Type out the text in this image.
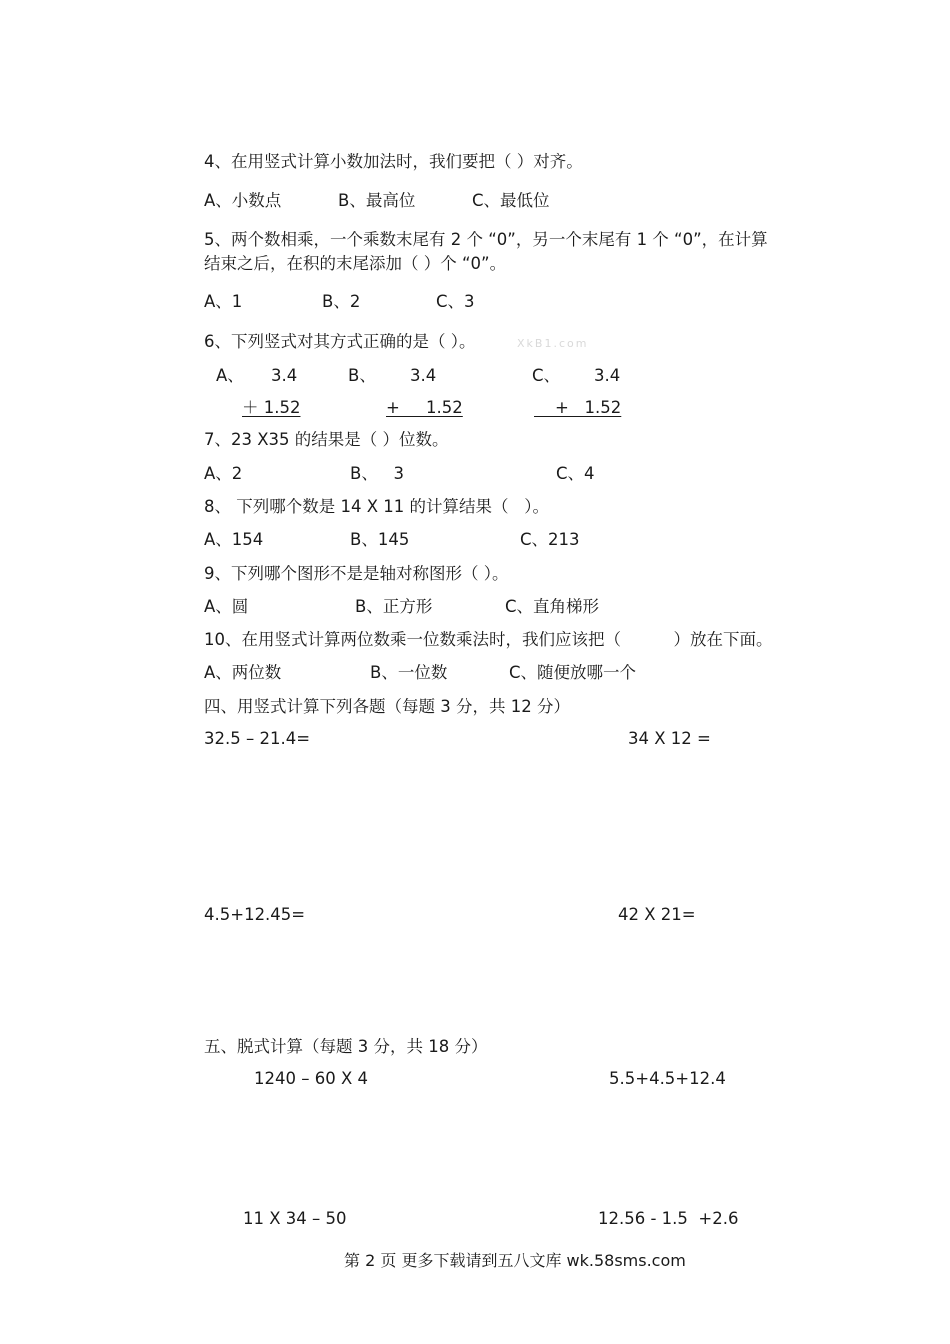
4、在用竖式计算小数加法时，我们要把（ ）对齐。
A、小数点	B、最高位	C、最低位
5、两个数相乘，一个乘数末尾有 2 个 “0”，另一个末尾有 1 个 “0”，在计算
结束之后，在积的末尾添加（ ）个 “0”。
A、1	B、2	C、3
6、下列竖式对其方式正确的是（ ）。	XkB1.com
A、 3.4
＋ 1.52
B、 3.4
+     1.52
C、 3.4
+   1.52
7、23 X35 的结果是（ ）位数。
A、2	B、   3	C、4
8、 下列哪个数是 14 X 11 的计算结果（   ）。
A、154	B、145	C、213
9、下列哪个图形不是是轴对称图形（ ）。
A、圆	B、正方形	C、直角梯形
10、在用竖式计算两位数乘一位数乘法时，我们应该把（          ）放在下面。
A、两位数	B、一位数	C、随便放哪一个
四、用竖式计算下列各题（每题 3 分，共 12 分）
32.5 – 21.4=	34 X 12 =
4.5+12.45=	42 X 21=
五、脱式计算（每题 3 分，共 18 分）
1240 – 60 X 4	5.5+4.5+12.4
11 X 34 – 50	12.56 - 1.5  +2.6
第 2 页 更多下载请到五八文库 wk.58sms.com
